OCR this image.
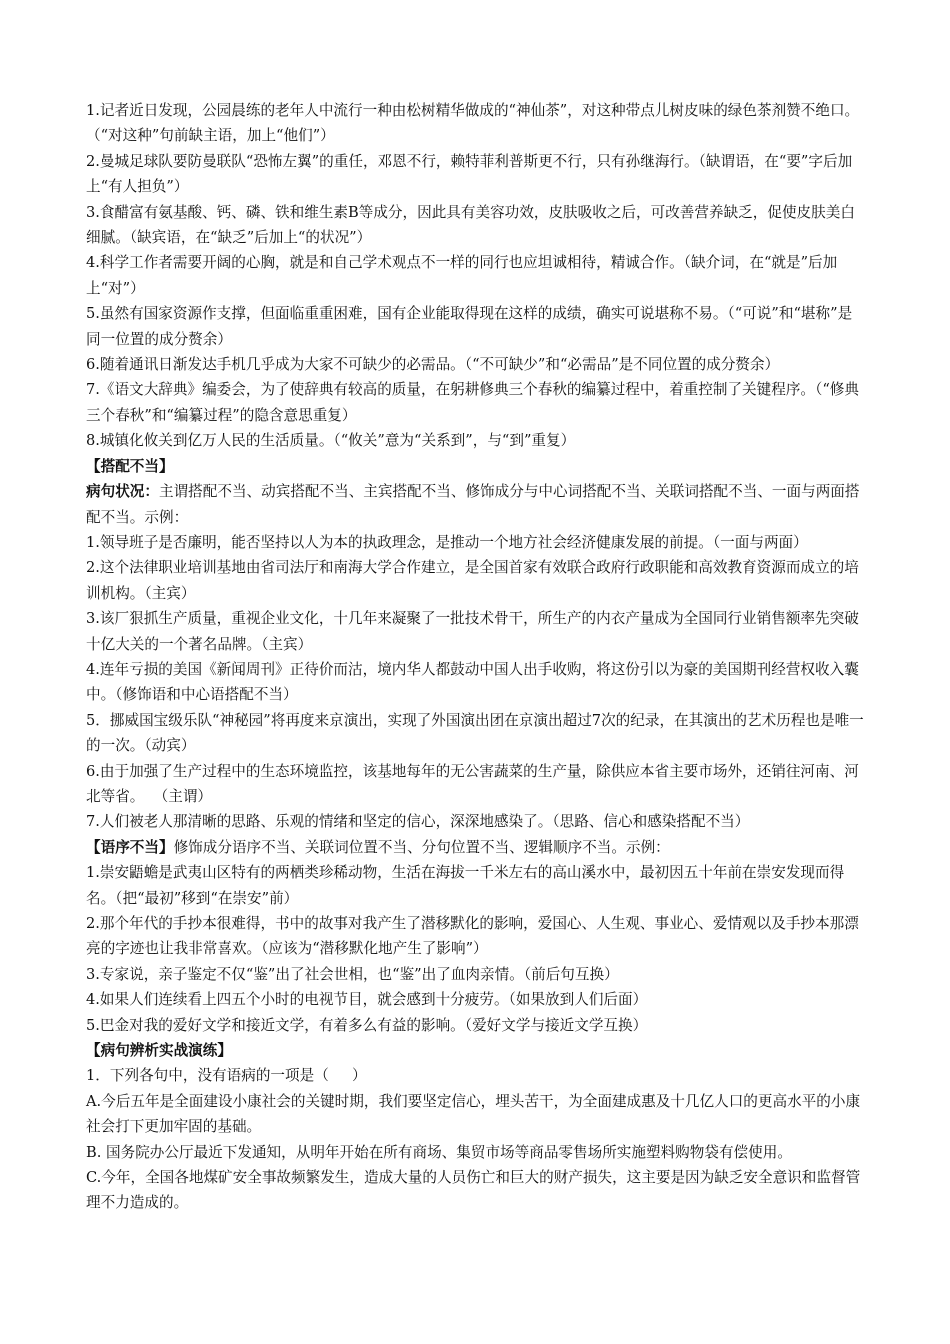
1.记者近日发现，公园晨练的老年人中流行一种由松树精华做成的“神仙茶”，对这种带点儿树皮味的绿色茶剂赞不绝口。（“对这种”句前缺主语，加上“他们”）
2.曼城足球队要防曼联队“恐怖左翼”的重任，邓恩不行，赖特菲利普斯更不行，只有孙继海行。（缺谓语，在“要”字后加上“有人担负”）
3.食醋富有氨基酸、钙、磷、铁和维生素B等成分，因此具有美容功效，皮肤吸收之后，可改善营养缺乏，促使皮肤美白细腻。（缺宾语，在“缺乏”后加上“的状况”）
4.科学工作者需要开阔的心胸，就是和自己学术观点不一样的同行也应坦诚相待，精诚合作。（缺介词，在“就是”后加上“对”）
5.虽然有国家资源作支撑，但面临重重困难，国有企业能取得现在这样的成绩，确实可说堪称不易。（“可说”和“堪称”是同一位置的成分赘余）
6.随着通讯日渐发达手机几乎成为大家不可缺少的必需品。（“不可缺少”和“必需品”是不同位置的成分赘余）
7.《语文大辞典》编委会，为了使辞典有较高的质量，在躬耕修典三个春秋的编纂过程中，着重控制了关键程序。（“修典三个春秋”和“编纂过程”的隐含意思重复）
8.城镇化攸关到亿万人民的生活质量。（“攸关”意为“关系到”，与“到”重复）
【搭配不当】
病句状况：主谓搭配不当、动宾搭配不当、主宾搭配不当、修饰成分与中心词搭配不当、关联词搭配不当、一面与两面搭配不当。示例：
1.领导班子是否廉明，能否坚持以人为本的执政理念，是推动一个地方社会经济健康发展的前提。（一面与两面）
2.这个法律职业培训基地由省司法厅和南海大学合作建立，是全国首家有效联合政府行政职能和高效教育资源而成立的培训机构。（主宾）
3.该厂狠抓生产质量，重视企业文化，十几年来凝聚了一批技术骨干，所生产的内衣产量成为全国同行业销售额率先突破十亿大关的一个著名品牌。（主宾）
4.连年亏损的美国《新闻周刊》正待价而沽，境内华人都鼓动中国人出手收购，将这份引以为豪的美国期刊经营权收入囊中。（修饰语和中心语搭配不当）
5．挪威国宝级乐队“神秘园”将再度来京演出，实现了外国演出团在京演出超过7次的纪录，在其演出的艺术历程也是唯一的一次。（动宾）
6.由于加强了生产过程中的生态环境监控，该基地每年的无公害蔬菜的生产量，除供应本省主要市场外，还销往河南、河北等省。  （主谓）
7.人们被老人那清晰的思路、乐观的情绪和坚定的信心，深深地感染了。（思路、信心和感染搭配不当）
【语序不当】修饰成分语序不当、关联词位置不当、分句位置不当、逻辑顺序不当。示例：
1.崇安鼯蟾是武夷山区特有的两栖类珍稀动物，生活在海拔一千米左右的高山溪水中，最初因五十年前在崇安发现而得名。（把“最初”移到“在崇安”前）
2.那个年代的手抄本很难得，书中的故事对我产生了潜移默化的影响，爱国心、人生观、事业心、爱情观以及手抄本那漂亮的字迹也让我非常喜欢。（应该为“潜移默化地产生了影响”）
3.专家说，亲子鉴定不仅“鉴”出了社会世相，也“鉴”出了血肉亲情。（前后句互换）
4.如果人们连续看上四五个小时的电视节目，就会感到十分疲劳。（如果放到人们后面）
5.巴金对我的爱好文学和接近文学，有着多么有益的影响。（爱好文学与接近文学互换）
【病句辨析实战演练】
1．下列各句中，没有语病的一项是（     ）
A.今后五年是全面建设小康社会的关键时期，我们要坚定信心，埋头苦干，为全面建成惠及十几亿人口的更高水平的小康社会打下更加牢固的基础。
B. 国务院办公厅最近下发通知，从明年开始在所有商场、集贸市场等商品零售场所实施塑料购物袋有偿使用。
C.今年，全国各地煤矿安全事故频繁发生，造成大量的人员伤亡和巨大的财产损失，这主要是因为缺乏安全意识和监督管理不力造成的。
